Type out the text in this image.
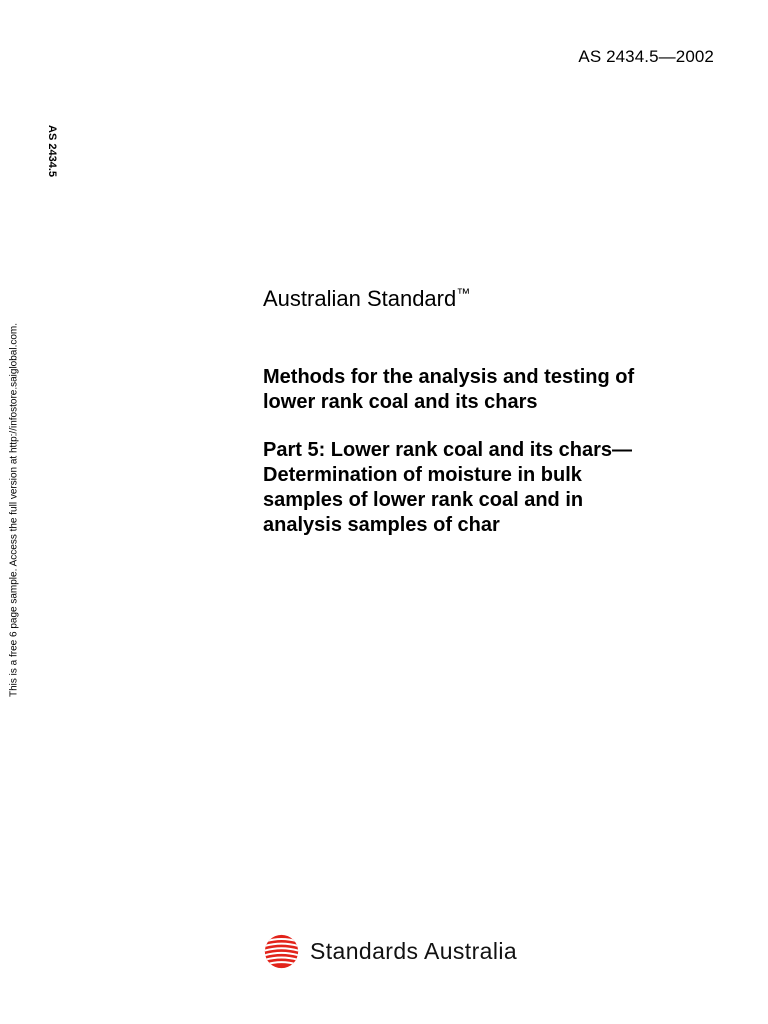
AS 2434.5—2002
AS 2434.5
This is a free 6 page sample. Access the full version at http://infostore.saiglobal.com.
Australian Standard™
Methods for the analysis and testing of
lower rank coal and its chars
Part 5: Lower rank coal and its chars—
Determination of moisture in bulk
samples of lower rank coal and in
analysis samples of char
Standards Australia
